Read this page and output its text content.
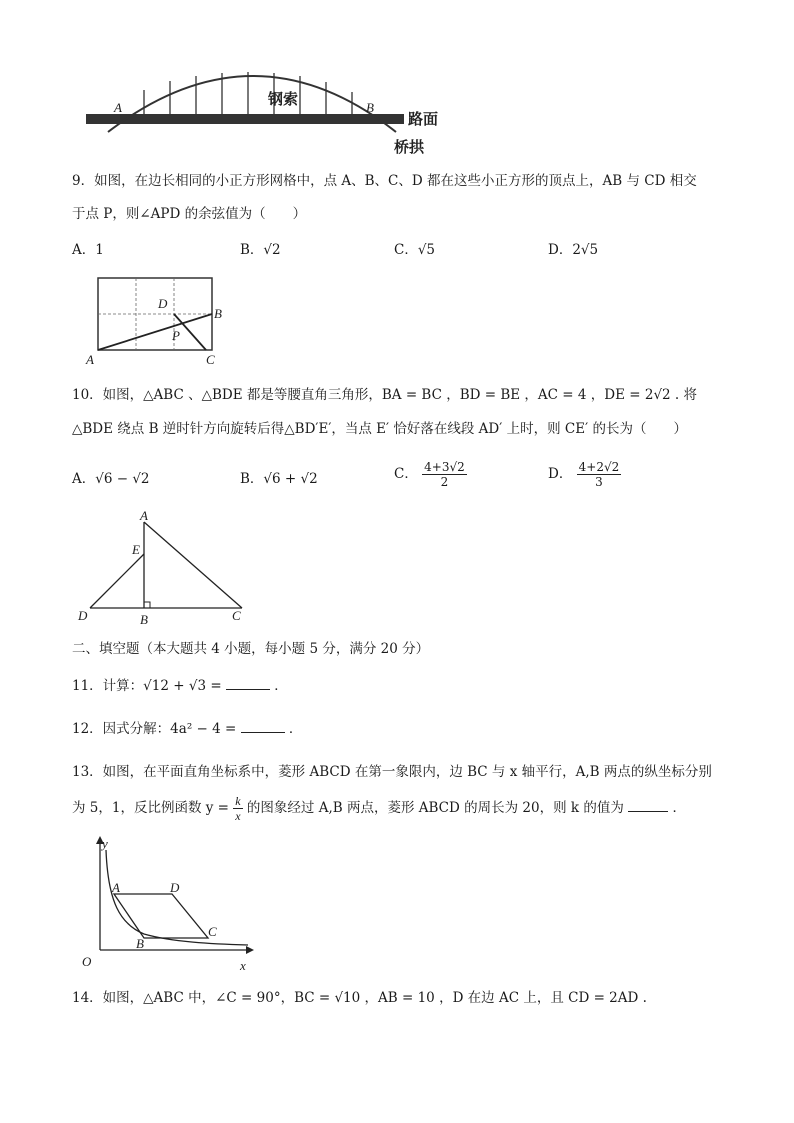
A	B
钢索
路面
桥拱
9．如图，在边长相同的小正方形网格中，点 A、B、C、D 都在这些小正方形的顶点上，AB 与 CD 相交
于点 P，则∠APD 的余弦值为（　　）
A．1	B．√2	C．√5	D．2√5
A
B
C
D
P
10．如图，△ABC 、△BDE 都是等腰直角三角形，BA = BC ，BD = BE ，AC = 4 ，DE = 2√2 . 将
△BDE 绕点 B 逆时针方向旋转后得△BD′E′，当点 E′ 恰好落在线段 AD′ 上时，则 CE′ 的长为（　　）
A．√6 − √2	B．√6 + √2	C． $\frac{4+3√2}{2}$	D． $\frac{4+2√2}{3}$
A
E
D	B	C
二、填空题（本大题共 4 小题，每小题 5 分，满分 20 分）
11．计算：√12 + √3 =	．
12．因式分解：4a² − 4 =	．
13．如图，在平面直角坐标系中，菱形 ABCD 在第一象限内，边 BC 与 x 轴平行，A,B 两点的纵坐标分别
为 5，1，反比例函数 $y = \frac{k}{x}$ 的图象经过 A,B 两点，菱形 ABCD 的周长为 20，则 k 的值为	．
y
x
O
A	D
B
C
14．如图，△ABC 中，∠C = 90°，BC = √10 ，AB = 10 ，D 在边 AC 上，且 CD = 2AD .
